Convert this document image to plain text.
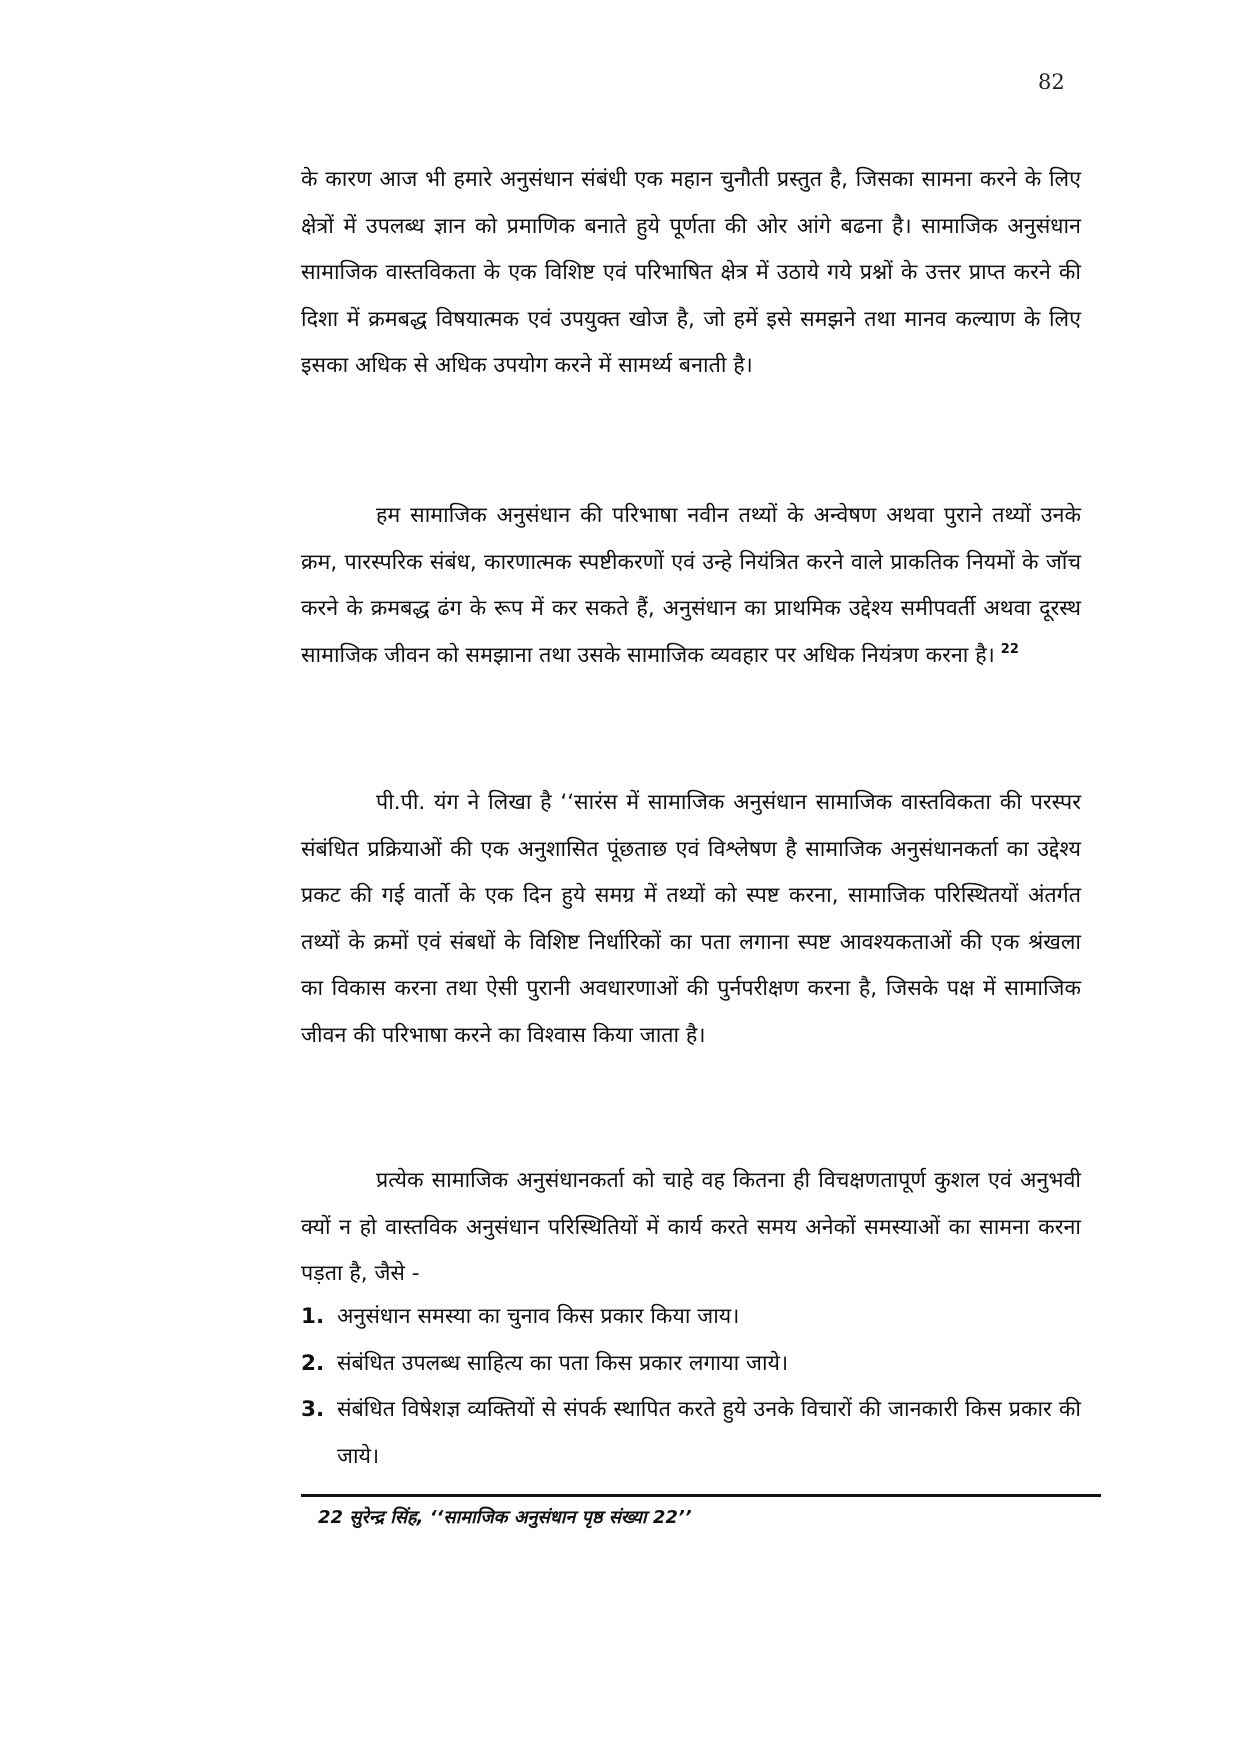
82

के कारण आज भी हमारे अनुसंधान संबंधी एक महान चुनौती प्रस्तुत है, जिसका सामना करने के लिए क्षेत्रों में उपलब्ध ज्ञान को प्रमाणिक बनाते हुये पूर्णता की ओर आंगे बढना है। सामाजिक अनुसंधान सामाजिक वास्तविकता के एक विशिष्ट एवं परिभाषित क्षेत्र में उठाये गये प्रश्नों के उत्तर प्राप्त करने की दिशा में क्रमबद्ध विषयात्मक एवं उपयुक्त खोज है, जो हमें इसे समझने तथा मानव कल्याण के लिए इसका अधिक से अधिक उपयोग करने में सामर्थ्य बनाती है।

हम सामाजिक अनुसंधान की परिभाषा नवीन तथ्यों के अन्वेषण अथवा पुराने तथ्यों उनके क्रम, पारस्परिक संबंध, कारणात्मक स्पष्टीकरणों एवं उन्हे नियंत्रित करने वाले प्राकतिक नियमों के जॉच करने के क्रमबद्ध ढंग के रूप में कर सकते हैं, अनुसंधान का प्राथमिक उद्देश्य समीपवर्ती अथवा दूरस्थ सामाजिक जीवन को समझाना तथा उसके सामाजिक व्यवहार पर अधिक नियंत्रण करना है। $^{22}$

पी.पी. यंग ने लिखा है ‘‘सारंस में सामाजिक अनुसंधान सामाजिक वास्तविकता की परस्पर संबंधित प्रक्रियाओं की एक अनुशासित पूंछताछ एवं विश्लेषण है सामाजिक अनुसंधानकर्ता का उद्देश्य प्रकट की गई वार्तो के एक दिन हुये समग्र में तथ्यों को स्पष्ट करना, सामाजिक परिस्थितयों अंतर्गत तथ्यों के क्रमों एवं संबधों के विशिष्ट निर्धारिकों का पता लगाना स्पष्ट आवश्यकताओं की एक श्रंखला का विकास करना तथा ऐसी पुरानी अवधारणाओं की पुर्नपरीक्षण करना है, जिसके पक्ष में सामाजिक जीवन की परिभाषा करने का विश्वास किया जाता है।

प्रत्येक सामाजिक अनुसंधानकर्ता को चाहे वह कितना ही विचक्षणतापूर्ण कुशल एवं अनुभवी क्यों न हो वास्तविक अनुसंधान परिस्थितियों में कार्य करते समय अनेकों समस्याओं का सामना करना पड़ता है, जैसे -

1. अनुसंधान समस्या का चुनाव किस प्रकार किया जाय।
2. संबंधित उपलब्ध साहित्य का पता किस प्रकार लगाया जाये।
3. संबंधित विषेशज्ञ व्यक्तियों से संपर्क स्थापित करते हुये उनके विचारों की जानकारी किस प्रकार की जाये।
22 सुरेन्द्र सिंह, ‘‘सामाजिक अनुसंधान पृष्ठ संख्या 22’’
